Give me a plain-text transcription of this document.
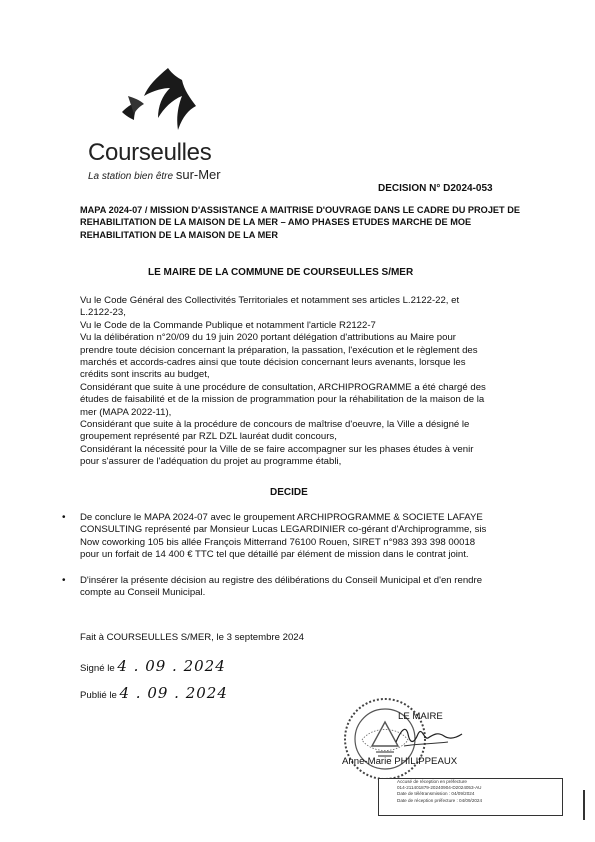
Courseulles
La station bien être sur-Mer
DECISION N° D2024-053
MAPA 2024-07 / MISSION D'ASSISTANCE A MAITRISE D'OUVRAGE DANS LE CADRE DU PROJET DE
REHABILITATION DE LA MAISON DE LA MER – AMO PHASES ETUDES MARCHE DE MOE
REHABILITATION DE LA MAISON DE LA MER
LE MAIRE DE LA COMMUNE DE COURSEULLES S/MER
Vu le Code Général des Collectivités Territoriales et notamment ses articles L.2122-22, et
L.2122-23,
Vu le Code de la Commande Publique et notamment l'article R2122-7
Vu la délibération n°20/09 du 19 juin 2020 portant délégation d'attributions au Maire pour
prendre toute décision concernant la préparation, la passation, l'exécution et le règlement des
marchés et accords-cadres ainsi que toute décision concernant leurs avenants, lorsque les
crédits sont inscrits au budget,
Considérant que suite à une procédure de consultation, ARCHIPROGRAMME a été chargé des
études de faisabilité et de la mission de programmation pour la réhabilitation de la maison de la
mer (MAPA 2022-11),
Considérant que suite à la procédure de concours de maîtrise d'oeuvre, la Ville a désigné le
groupement représenté par RZL DZL lauréat dudit concours,
Considérant la nécessité pour la Ville de se faire accompagner sur les phases études à venir
pour s'assurer de l'adéquation du projet au programme établi,
DECIDE
• De conclure le MAPA 2024-07 avec le groupement ARCHIPROGRAMME & SOCIETE LAFAYE
CONSULTING représenté par Monsieur Lucas LEGARDINIER co-gérant d'Archiprogramme, sis
Now coworking 105 bis allée François Mitterrand 76100 Rouen, SIRET n°983 393 398 00018
pour un forfait de 14 400 € TTC tel que détaillé par élément de mission dans le contrat joint.
• D'insérer la présente décision au registre des délibérations du Conseil Municipal et d'en rendre
compte au Conseil Municipal.
Fait à COURSEULLES S/MER, le 3 septembre 2024
Signé le 4 . 09 . 2024
Publié le 4 . 09 . 2024
LE MAIRE
Anne-Marie PHILIPPEAUX
Accusé de réception en préfecture
014-211401879-20240904-D2024053-AU
Date de télétransmission : 04/09/2024
Date de réception préfecture : 04/09/2024
